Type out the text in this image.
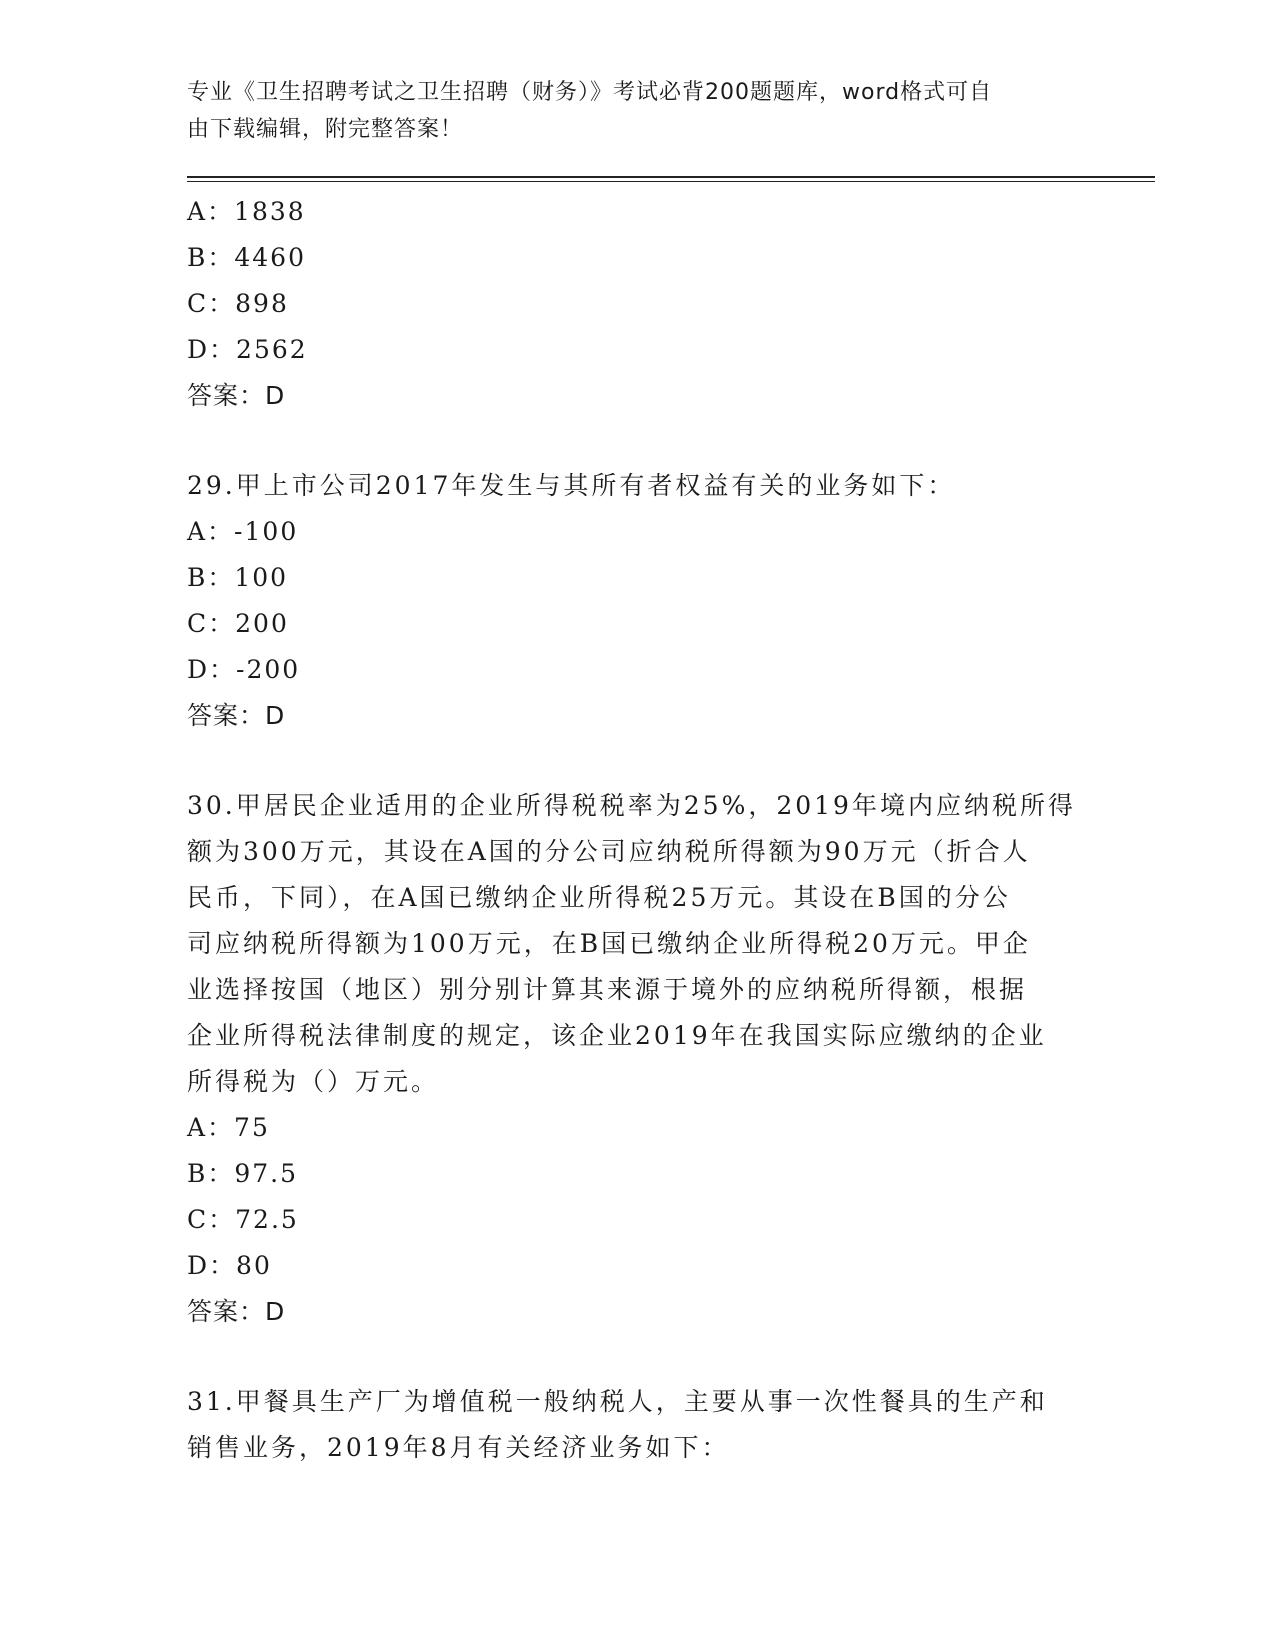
专业《卫生招聘考试之卫生招聘（财务）》考试必背200题题库，word格式可自
由下载编辑，附完整答案！
A：1838
B：4460
C：898
D：2562
答案：D
29.甲上市公司2017年发生与其所有者权益有关的业务如下：
A：-100
B：100
C：200
D：-200
答案：D
30.甲居民企业适用的企业所得税税率为25%，2019年境内应纳税所得
额为300万元，其设在A国的分公司应纳税所得额为90万元（折合人
民币，下同），在A国已缴纳企业所得税25万元。其设在B国的分公
司应纳税所得额为100万元，在B国已缴纳企业所得税20万元。甲企
业选择按国（地区）别分别计算其来源于境外的应纳税所得额，根据
企业所得税法律制度的规定，该企业2019年在我国实际应缴纳的企业
所得税为（）万元。
A：75
B：97.5
C：72.5
D：80
答案：D
31.甲餐具生产厂为增值税一般纳税人，主要从事一次性餐具的生产和
销售业务，2019年8月有关经济业务如下：
